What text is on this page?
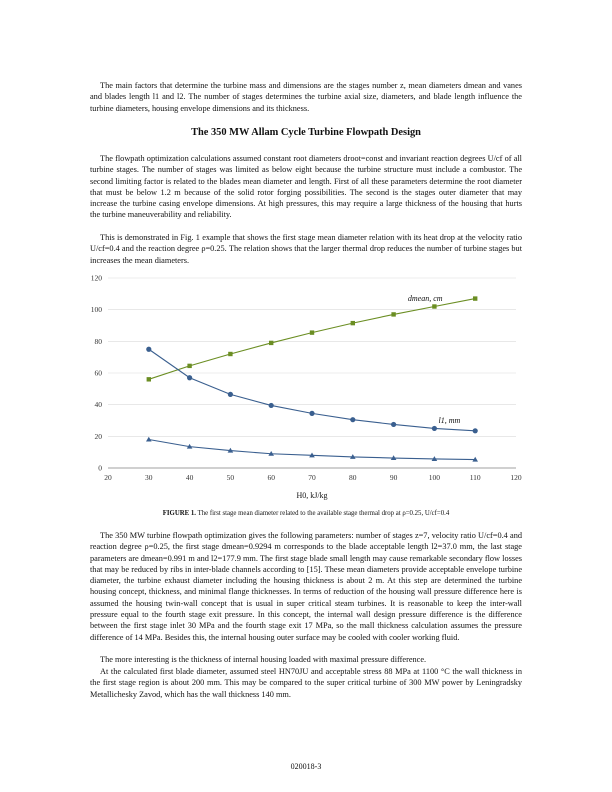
The main factors that determine the turbine mass and dimensions are the stages number z, mean diameters dmean and vanes and blades length l1 and l2. The number of stages determines the turbine axial size, diameters, and blade length influence the turbine diameters, housing envelope dimensions and its thickness.

The 350 MW Allam Cycle Turbine Flowpath Design

The flowpath optimization calculations assumed constant root diameters droot=const and invariant reaction degrees U/cf of all turbine stages. The number of stages was limited as below eight because the turbine structure must include a combustor. The second limiting factor is related to the blades mean diameter and length. First of all these parameters determine the root diameter that must be below 1.2 m because of the solid rotor forging possibilities. The second is the stages outer diameter that may increase the turbine casing envelope dimensions. At high pressures, this may require a large thickness of the housing that hurts the turbine maneuverability and reliability.

This is demonstrated in Fig. 1 example that shows the first stage mean diameter relation with its heat drop at the velocity ratio U/cf=0.4 and the reaction degree ρ=0.25. The relation shows that the larger thermal drop reduces the number of turbine stages but increases the mean diameters.

0
20
40
60
80
100
120
20	30	40	50	60	70	80	90	100	110	120
H0, kJ/kg
dmean, cm
l1, mm

FIGURE 1. The first stage mean diameter related to the available stage thermal drop at ρ=0.25, U/cf=0.4

The 350 MW turbine flowpath optimization gives the following parameters: number of stages z=7, velocity ratio U/cf=0.4 and reaction degree ρ=0.25, the first stage dmean=0.9294 m corresponds to the blade acceptable length l2=37.0 mm, the last stage parameters are dmean=0.991 m and l2=177.9 mm. The first stage blade small length may cause remarkable secondary flow losses that may be reduced by ribs in inter-blade channels according to [15]. These mean diameters provide acceptable envelope turbine diameter, the turbine exhaust diameter including the housing thickness is about 2 m. At this step are determined the turbine housing concept, thickness, and minimal flange thicknesses. In terms of reduction of the housing wall pressure difference here is assumed the housing twin-wall concept that is usual in super critical steam turbines. It is reasonable to keep the inter-wall pressure equal to the fourth stage exit pressure. In this concept, the internal wall design pressure difference is the difference between the first stage inlet 30 MPa and the fourth stage exit 17 MPa, so the mall thickness calculation assumes the pressure difference of 14 MPa. Besides this, the internal housing outer surface may be cooled with cooler working fluid.

The more interesting is the thickness of internal housing loaded with maximal pressure difference.

At the calculated first blade diameter, assumed steel HN70JU and acceptable stress 88 MPa at 1100 °C the wall thickness in the first stage region is about 200 mm. This may be compared to the super critical turbine of 300 MW power by Leningradsky Metallichesky Zavod, which has the wall thickness 140 mm.

020018-3
